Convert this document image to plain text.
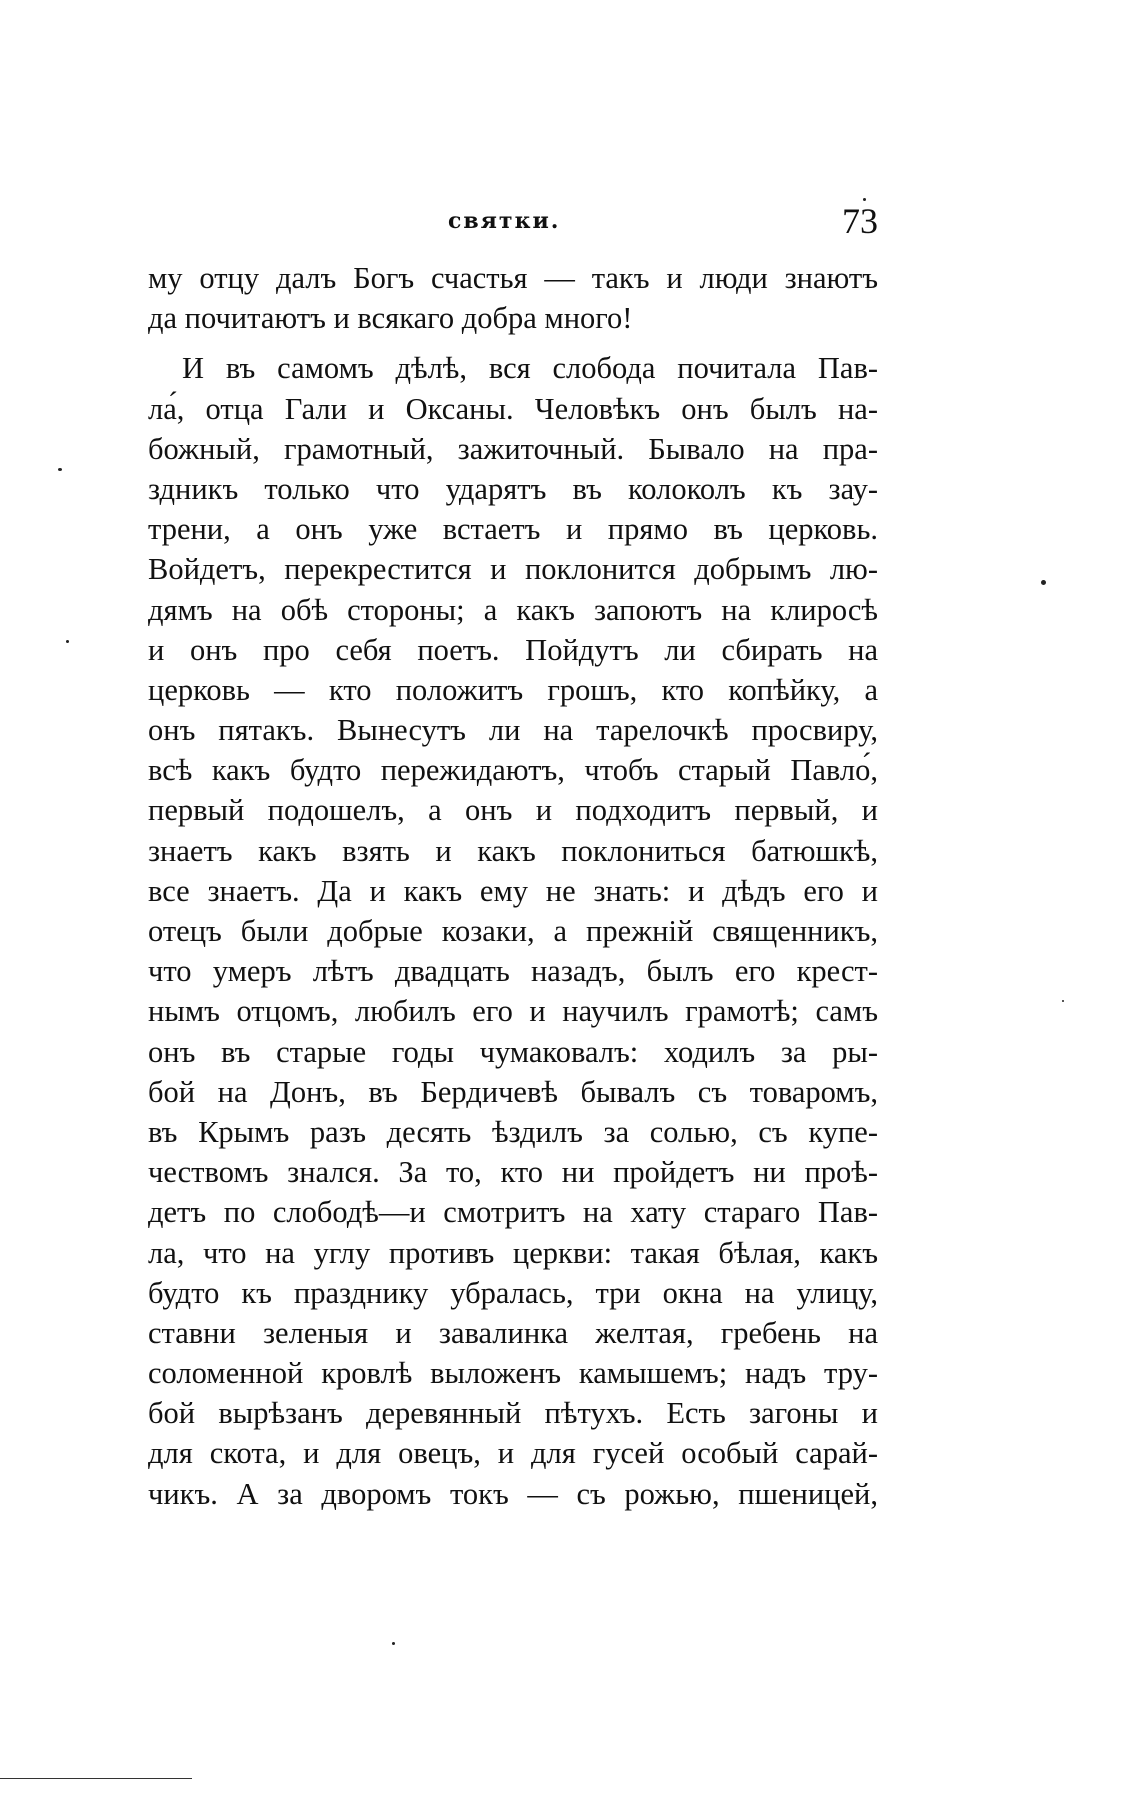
святки.	73
му отцу далъ Богъ счастья — такъ и люди знаютъ
да почитаютъ и всякаго добра много!
И въ самомъ дѣлѣ, вся слобода почитала Пав-
ла́, отца Гали и Оксаны. Человѣкъ онъ былъ на-
божный, грамотный, зажиточный. Бывало на пра-
здникъ только что ударятъ въ колоколъ къ зау-
трени, а онъ уже встаетъ и прямо въ церковь.
Войдетъ, перекрестится и поклонится добрымъ лю-
дямъ на обѣ стороны; а какъ запоютъ на клиросѣ
и онъ про себя поетъ. Пойдутъ ли сбирать на
церковь — кто положитъ грошъ, кто копѣйку, а
онъ пятакъ. Вынесутъ ли на тарелочкѣ просвиру,
всѣ какъ будто пережидаютъ, чтобъ старый Павло́,
первый подошелъ, а онъ и подходитъ первый, и
знаетъ какъ взять и какъ поклониться батюшкѣ,
все знаетъ. Да и какъ ему не знать: и дѣдъ его и
отецъ были добрые козаки, а прежній священникъ,
что умеръ лѣтъ двадцать назадъ, былъ его крест-
нымъ отцомъ, любилъ его и научилъ грамотѣ; самъ
онъ въ старые годы чумаковалъ: ходилъ за ры-
бой на Донъ, въ Бердичевѣ бывалъ съ товаромъ,
въ Крымъ разъ десять ѣздилъ за солью, съ купе-
чествомъ знался. За то, кто ни пройдетъ ни проѣ-
детъ по слободѣ—и смотритъ на хату стараго Пав-
ла, что на углу противъ церкви: такая бѣлая, какъ
будто къ празднику убралась, три окна на улицу,
ставни зеленыя и завалинка желтая, гребень на
соломенной кровлѣ выложенъ камышемъ; надъ тру-
бой вырѣзанъ деревянный пѣтухъ. Есть загоны и
для скота, и для овецъ, и для гусей особый сарай-
чикъ. А за дворомъ токъ — съ рожью, пшеницей,
